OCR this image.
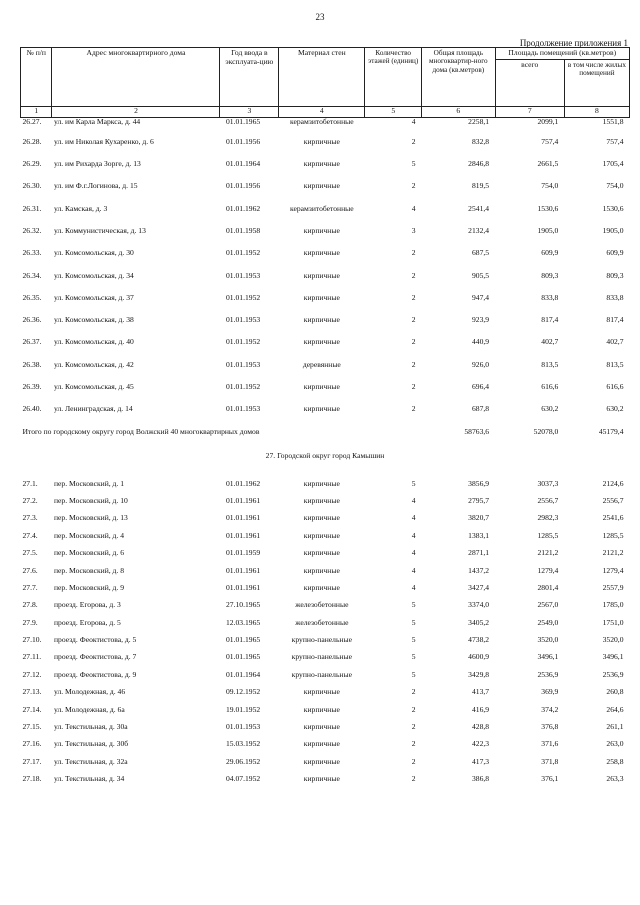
23
Продолжение приложения 1
№ п/п	Адрес многоквартирного дома	Год ввода в эксплуата-цию	Материал стен	Количество этажей (единиц)	Общая площадь многоквартир-ного дома (кв.метров)	Площадь помещений (кв.метров)	
						всего	в том числе жилых помещений
1	2	3	4	5	6	7	8
26.27.	ул. им Карла Маркса, д. 44	01.01.1965	керамзитобетонные	4	2258,1	2099,1	1551,8
26.28.	ул. им Николая Кухаренко, д. 6	01.01.1956	кирпичные	2	832,8	757,4	757,4
26.29.	ул. им Рихарда Зорге, д. 13	01.01.1964	кирпичные	5	2846,8	2661,5	1705,4
26.30.	ул. им Ф.г.Логинова, д. 15	01.01.1956	кирпичные	2	819,5	754,0	754,0
26.31.	ул. Камская, д. 3	01.01.1962	керамзитобетонные	4	2541,4	1530,6	1530,6
26.32.	ул. Коммунистическая, д. 13	01.01.1958	кирпичные	3	2132,4	1905,0	1905,0
26.33.	ул. Комсомольская, д. 30	01.01.1952	кирпичные	2	687,5	609,9	609,9
26.34.	ул. Комсомольская, д. 34	01.01.1953	кирпичные	2	905,5	809,3	809,3
26.35.	ул. Комсомольская, д. 37	01.01.1952	кирпичные	2	947,4	833,8	833,8
26.36.	ул. Комсомольская, д. 38	01.01.1953	кирпичные	2	923,9	817,4	817,4
26.37.	ул. Комсомольская, д. 40	01.01.1952	кирпичные	2	440,9	402,7	402,7
26.38.	ул. Комсомольская, д. 42	01.01.1953	деревянные	2	926,0	813,5	813,5
26.39.	ул. Комсомольская, д. 45	01.01.1952	кирпичные	2	696,4	616,6	616,6
26.40.	ул. Ленинградская, д. 14	01.01.1953	кирпичные	2	687,8	630,2	630,2
Итого по городскому округу город Волжский 40 многоквартирных домов					58763,6	52078,0	45179,4
27. Городской округ город Камышин							

27.1.	пер. Московский, д. 1	01.01.1962	кирпичные	5	3856,9	3037,3	2124,6
27.2.	пер. Московский, д. 10	01.01.1961	кирпичные	4	2795,7	2556,7	2556,7
27.3.	пер. Московский, д. 13	01.01.1961	кирпичные	4	3820,7	2982,3	2541,6
27.4.	пер. Московский, д. 4	01.01.1961	кирпичные	4	1383,1	1285,5	1285,5
27.5.	пер. Московский, д. 6	01.01.1959	кирпичные	4	2871,1	2121,2	2121,2
27.6.	пер. Московский, д. 8	01.01.1961	кирпичные	4	1437,2	1279,4	1279,4
27.7.	пер. Московский, д. 9	01.01.1961	кирпичные	4	3427,4	2801,4	2557,9
27.8.	проезд. Егорова, д. 3	27.10.1965	железобетонные	5	3374,0	2567,0	1785,0
27.9.	проезд. Егорова, д. 5	12.03.1965	железобетонные	5	3405,2	2549,0	1751,0
27.10.	проезд. Феоктистова, д. 5	01.01.1965	крупно-панельные	5	4738,2	3520,0	3520,0
27.11.	проезд. Феоктистова, д. 7	01.01.1965	крупно-панельные	5	4600,9	3496,1	3496,1
27.12.	проезд. Феоктистова, д. 9	01.01.1964	крупно-панельные	5	3429,8	2536,9	2536,9
27.13.	ул. Молодежная, д. 46	09.12.1952	кирпичные	2	413,7	369,9	260,8
27.14.	ул. Молодежная, д. 6а	19.01.1952	кирпичные	2	416,9	374,2	264,6
27.15.	ул. Текстильная, д. 30а	01.01.1953	кирпичные	2	428,8	376,8	261,1
27.16.	ул. Текстильная, д. 30б	15.03.1952	кирпичные	2	422,3	371,6	263,0
27.17.	ул. Текстильная, д. 32а	29.06.1952	кирпичные	2	417,3	371,8	258,8
27.18.	ул. Текстильная, д. 34	04.07.1952	кирпичные	2	386,8	376,1	263,3
